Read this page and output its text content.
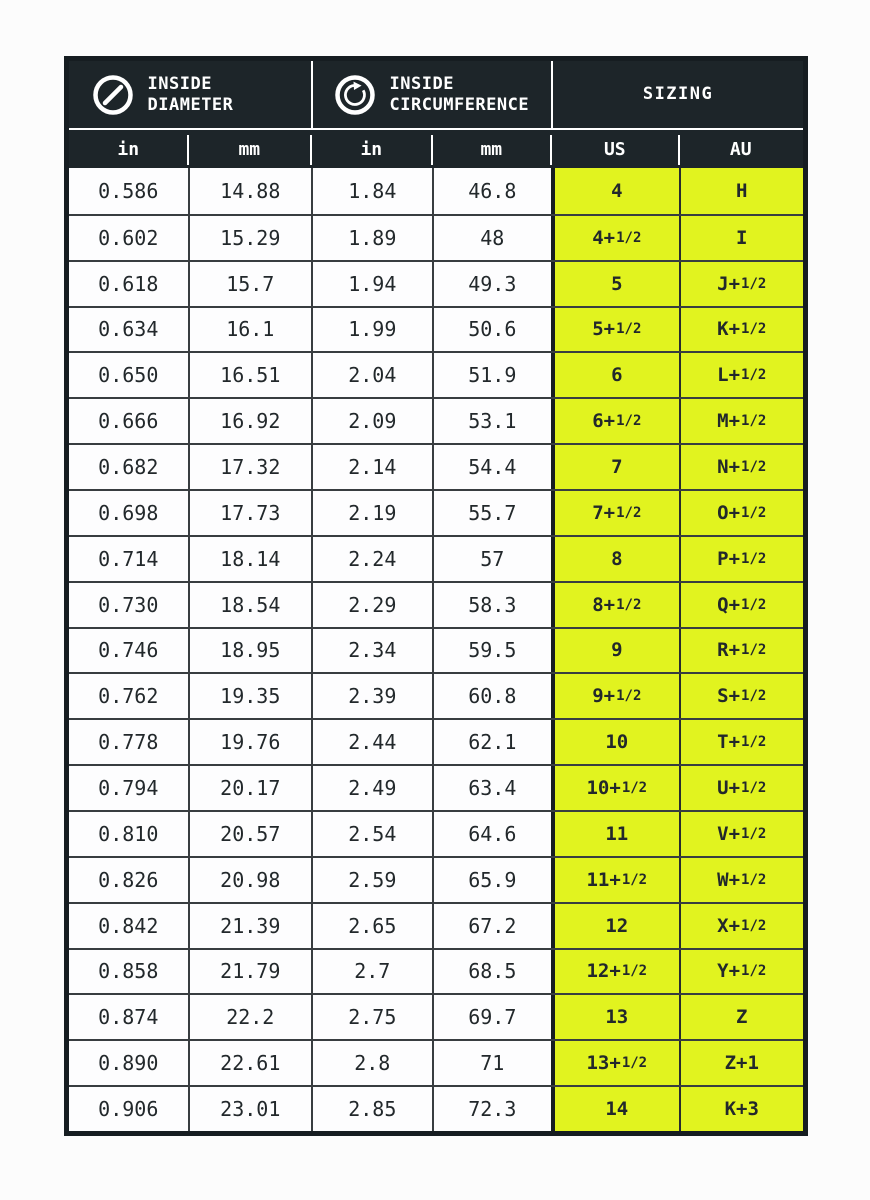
INSIDE DIAMETER
INSIDE CIRCUMFERENCE
SIZING
in	mm	in	mm	US	AU
0.586	14.88	1.84	46.8	4	H
0.602	15.29	1.89	48	4+ 1/2	I
0.618	15.7	1.94	49.3	5	J+ 1/2
0.634	16.1	1.99	50.6	5+ 1/2	K+ 1/2
0.650	16.51	2.04	51.9	6	L+ 1/2
0.666	16.92	2.09	53.1	6+ 1/2	M+ 1/2
0.682	17.32	2.14	54.4	7	N+ 1/2
0.698	17.73	2.19	55.7	7+ 1/2	O+ 1/2
0.714	18.14	2.24	57	8	P+ 1/2
0.730	18.54	2.29	58.3	8+ 1/2	Q+ 1/2
0.746	18.95	2.34	59.5	9	R+ 1/2
0.762	19.35	2.39	60.8	9+ 1/2	S+ 1/2
0.778	19.76	2.44	62.1	10	T+ 1/2
0.794	20.17	2.49	63.4	10+ 1/2	U+ 1/2
0.810	20.57	2.54	64.6	11	V+ 1/2
0.826	20.98	2.59	65.9	11+ 1/2	W+ 1/2
0.842	21.39	2.65	67.2	12	X+ 1/2
0.858	21.79	2.7	68.5	12+ 1/2	Y+ 1/2
0.874	22.2	2.75	69.7	13	Z
0.890	22.61	2.8	71	13+ 1/2	Z+1
0.906	23.01	2.85	72.3	14	K+3
